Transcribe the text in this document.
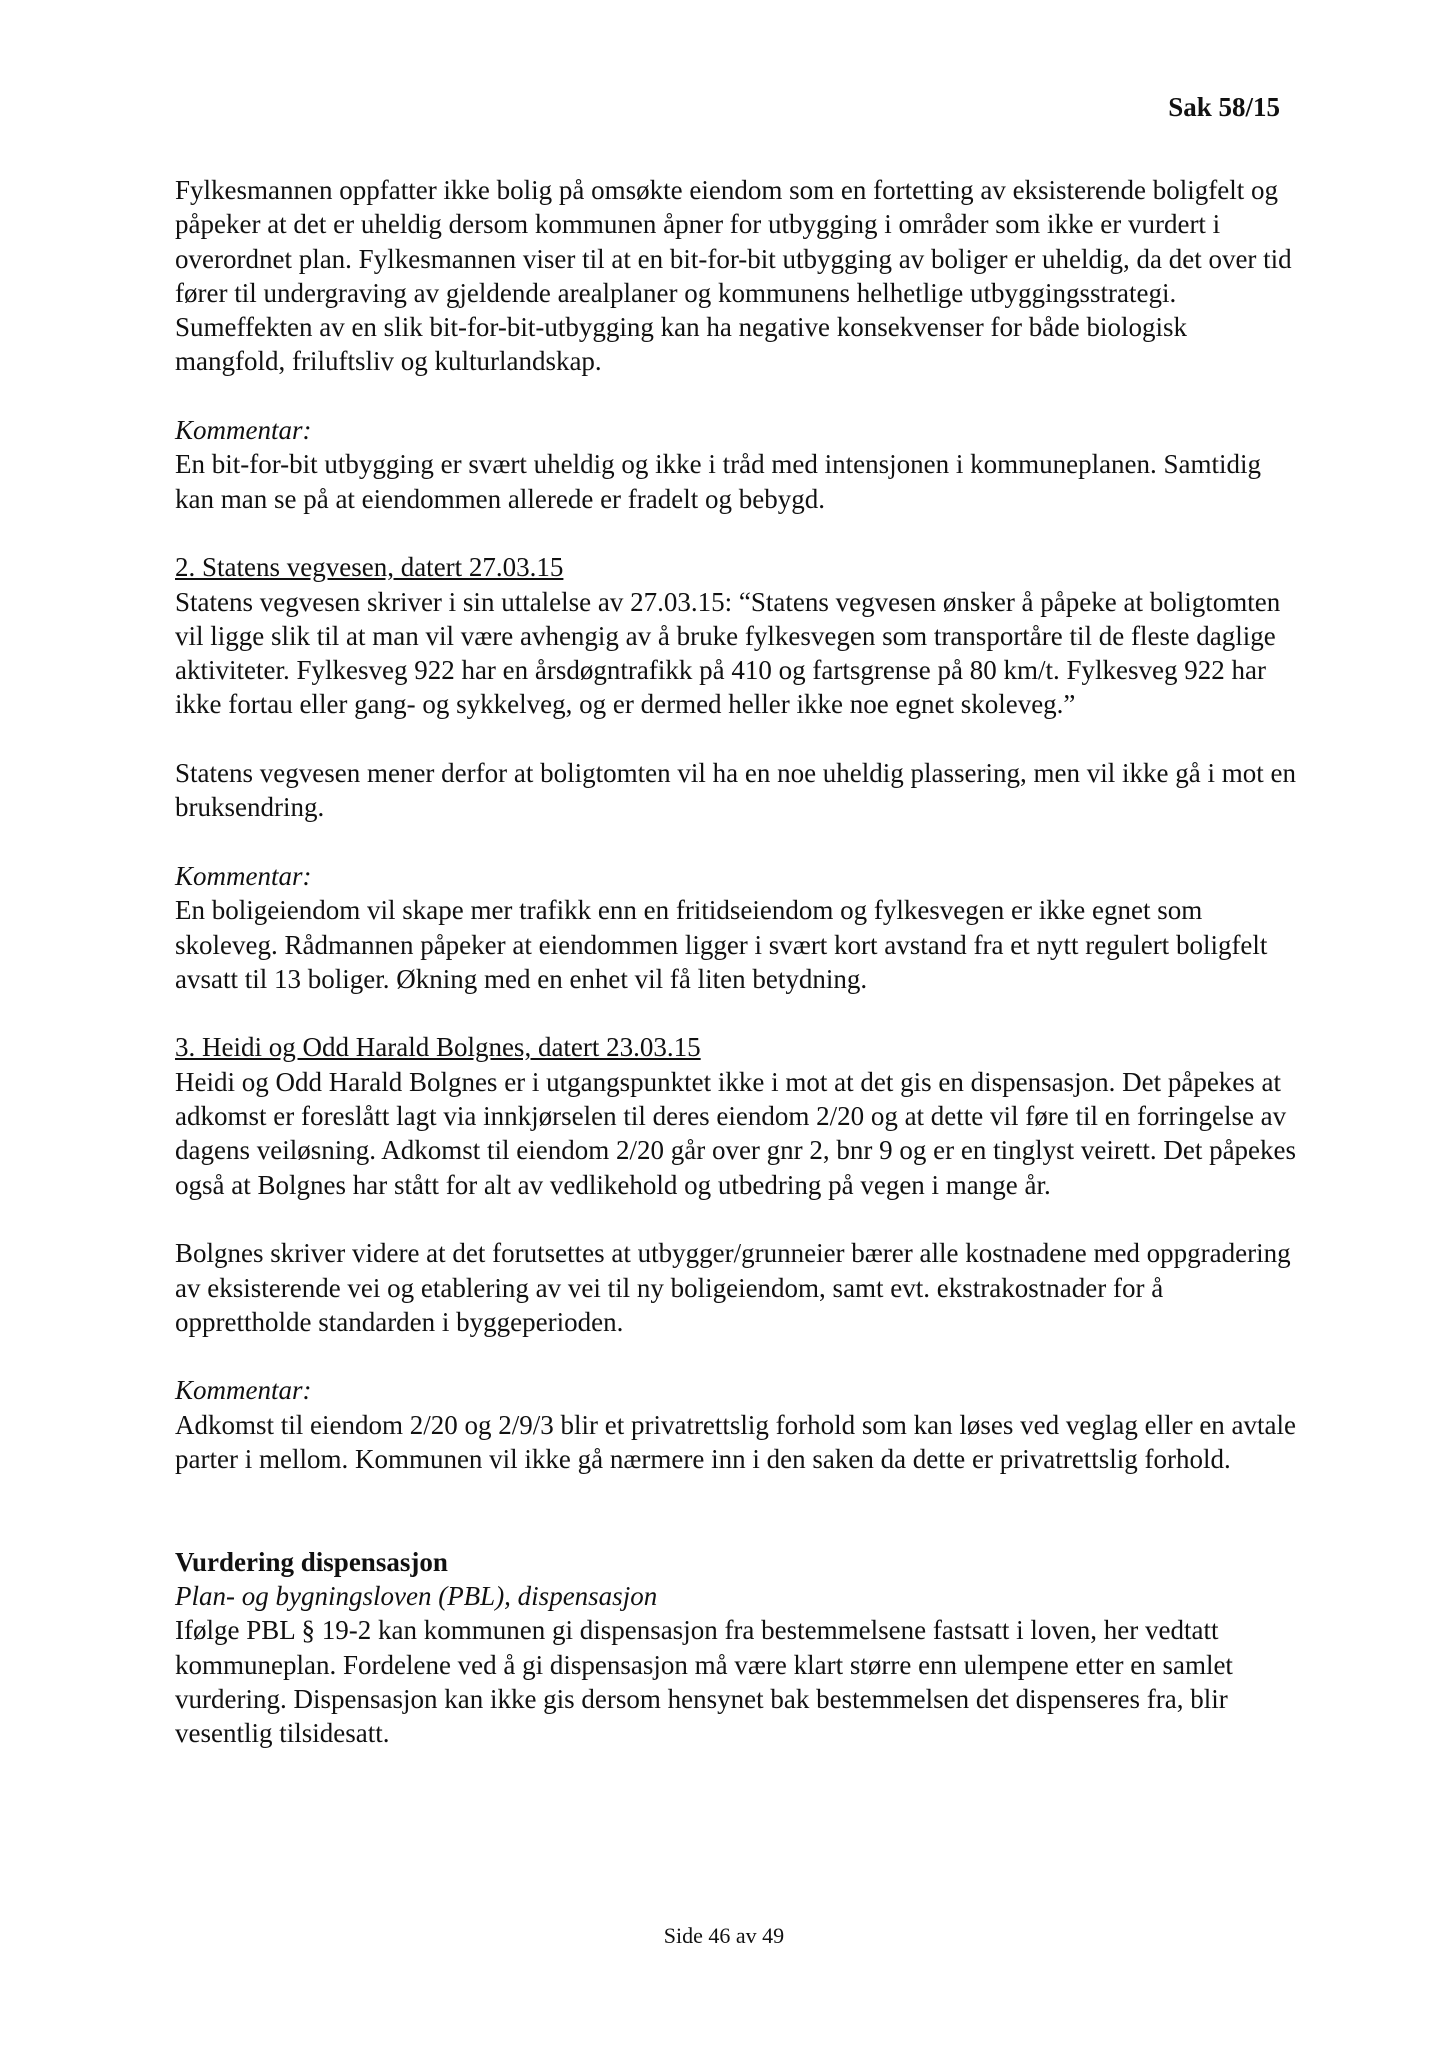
Sak 58/15

Fylkesmannen oppfatter ikke bolig på omsøkte eiendom som en fortetting av eksisterende boligfelt og påpeker at det er uheldig dersom kommunen åpner for utbygging i områder som ikke er vurdert i overordnet plan. Fylkesmannen viser til at en bit-for-bit utbygging av boliger er uheldig, da det over tid fører til undergraving av gjeldende arealplaner og kommunens helhetlige utbyggingsstrategi. Sumeffekten av en slik bit-for-bit-utbygging kan ha negative konsekvenser for både biologisk mangfold, friluftsliv og kulturlandskap.

Kommentar:

En bit-for-bit utbygging er svært uheldig og ikke i tråd med intensjonen i kommuneplanen. Samtidig kan man se på at eiendommen allerede er fradelt og bebygd.

2. Statens vegvesen, datert 27.03.15

Statens vegvesen skriver i sin uttalelse av 27.03.15: “Statens vegvesen ønsker å påpeke at boligtomten vil ligge slik til at man vil være avhengig av å bruke fylkesvegen som transportåre til de fleste daglige aktiviteter. Fylkesveg 922 har en årsdøgntrafikk på 410 og fartsgrense på 80 km/t. Fylkesveg 922 har ikke fortau eller gang- og sykkelveg, og er dermed heller ikke noe egnet skoleveg.”

Statens vegvesen mener derfor at boligtomten vil ha en noe uheldig plassering, men vil ikke gå i mot en bruksendring.

Kommentar:

En boligeiendom vil skape mer trafikk enn en fritidseiendom og fylkesvegen er ikke egnet som skoleveg. Rådmannen påpeker at eiendommen ligger i svært kort avstand fra et nytt regulert boligfelt avsatt til 13 boliger. Økning med en enhet vil få liten betydning.

3. Heidi og Odd Harald Bolgnes, datert 23.03.15

Heidi og Odd Harald Bolgnes er i utgangspunktet ikke i mot at det gis en dispensasjon. Det påpekes at adkomst er foreslått lagt via innkjørselen til deres eiendom 2/20 og at dette vil føre til en forringelse av dagens veiløsning. Adkomst til eiendom 2/20 går over gnr 2, bnr 9 og er en tinglyst veirett. Det påpekes også at Bolgnes har stått for alt av vedlikehold og utbedring på vegen i mange år.

Bolgnes skriver videre at det forutsettes at utbygger/grunneier bærer alle kostnadene med oppgradering av eksisterende vei og etablering av vei til ny boligeiendom, samt evt. ekstrakostnader for å opprettholde standarden i byggeperioden.

Kommentar:

Adkomst til eiendom 2/20 og 2/9/3 blir et privatrettslig forhold som kan løses ved veglag eller en avtale parter i mellom. Kommunen vil ikke gå nærmere inn i den saken da dette er privatrettslig forhold.

Vurdering dispensasjon

Plan- og bygningsloven (PBL), dispensasjon

Ifølge PBL § 19-2 kan kommunen gi dispensasjon fra bestemmelsene fastsatt i loven, her vedtatt kommuneplan. Fordelene ved å gi dispensasjon må være klart større enn ulempene etter en samlet vurdering. Dispensasjon kan ikke gis dersom hensynet bak bestemmelsen det dispenseres fra, blir vesentlig tilsidesatt.

Side 46 av 49
